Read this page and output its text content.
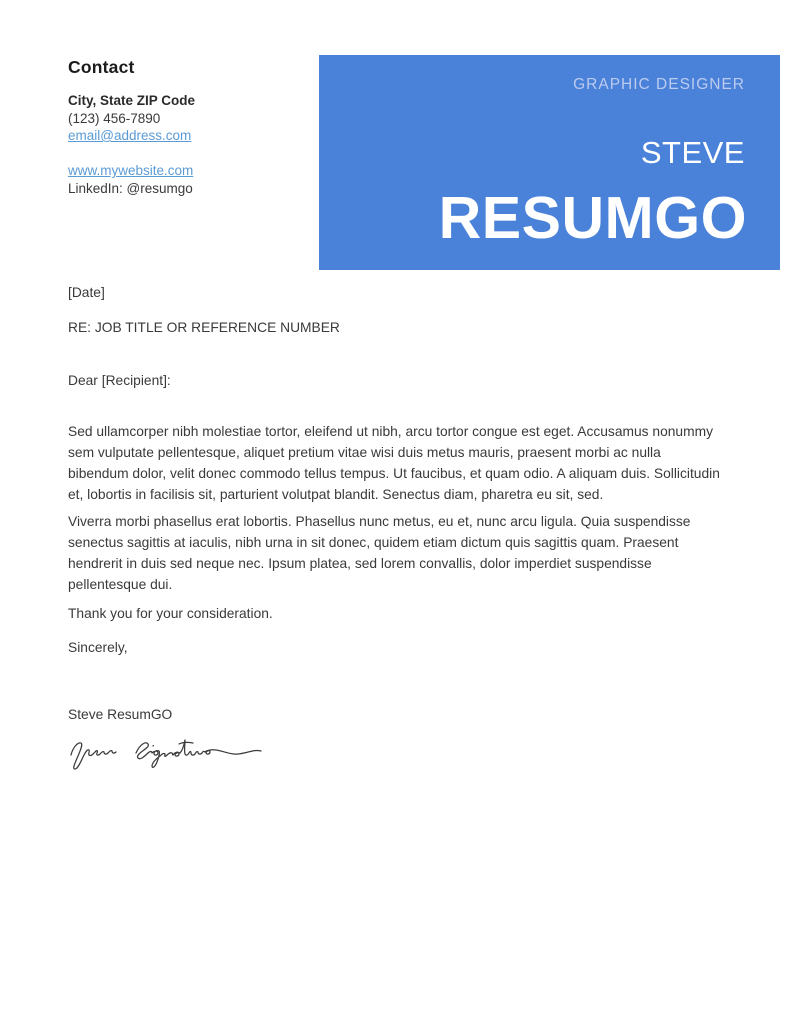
Contact
City, State ZIP Code
(123) 456-7890
email@address.com
www.mywebsite.com
LinkedIn: @resumgo
GRAPHIC DESIGNER
STEVE
RESUMGO

[Date]

RE: JOB TITLE OR REFERENCE NUMBER

Dear [Recipient]:

Sed ullamcorper nibh molestiae tortor, eleifend ut nibh, arcu tortor congue est eget. Accusamus nonummy sem vulputate pellentesque, aliquet pretium vitae wisi duis metus mauris, praesent morbi ac nulla bibendum dolor, velit donec commodo tellus tempus. Ut faucibus, et quam odio. A aliquam duis. Sollicitudin et, lobortis in facilisis sit, parturient volutpat blandit. Senectus diam, pharetra eu sit, sed.

Viverra morbi phasellus erat lobortis. Phasellus nunc metus, eu et, nunc arcu ligula. Quia suspendisse senectus sagittis at iaculis, nibh urna in sit donec, quidem etiam dictum quis sagittis quam. Praesent hendrerit in duis sed neque nec. Ipsum platea, sed lorem convallis, dolor imperdiet suspendisse pellentesque dui.

Thank you for your consideration.

Sincerely,

Steve ResumGO
